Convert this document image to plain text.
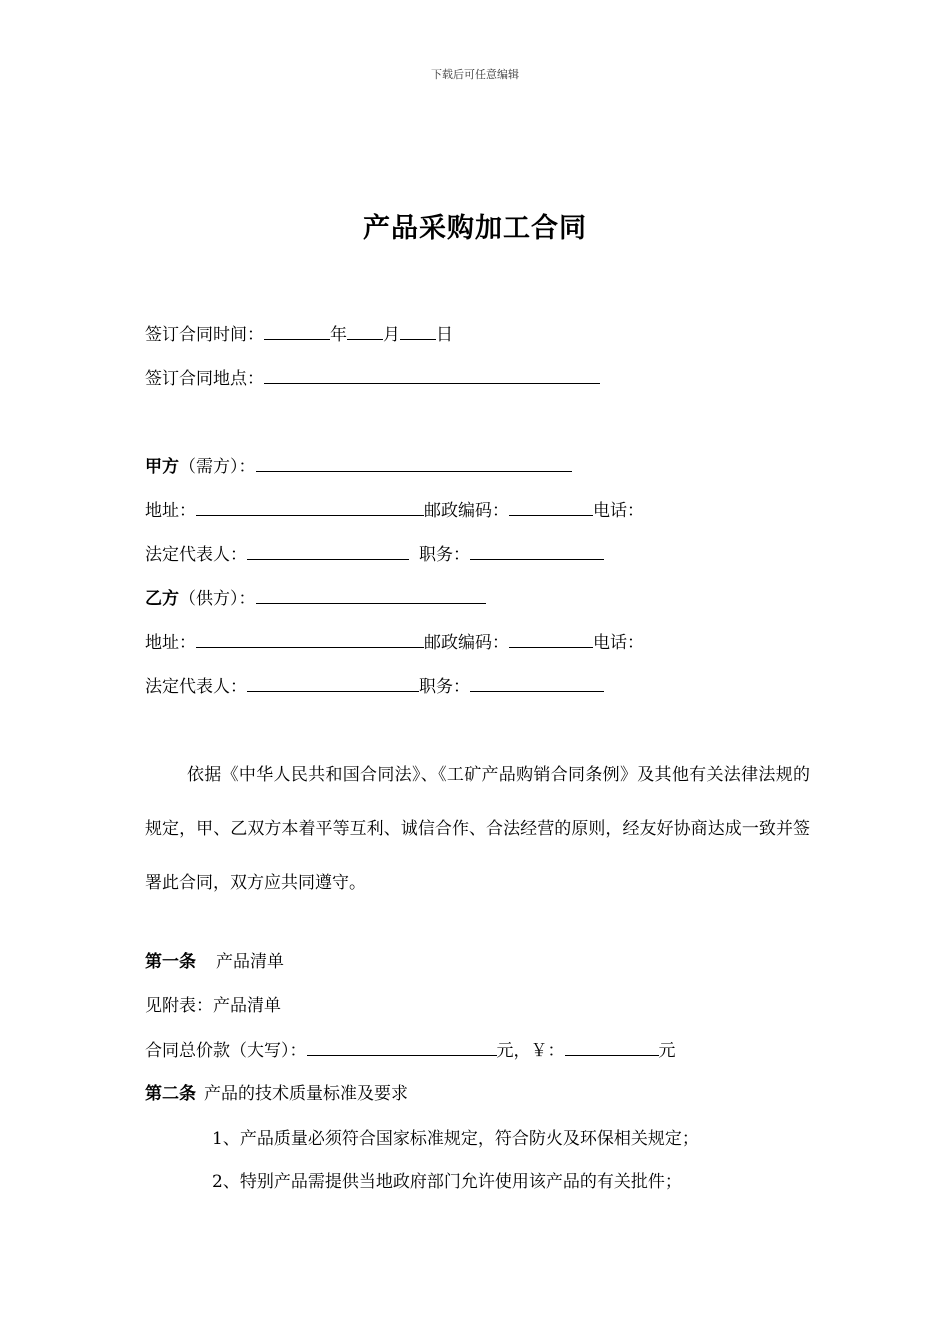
下载后可任意编辑
产品采购加工合同
签订合同时间：	年 月 日
签订合同地点：
甲方（需方）：
地址：	邮政编码：	电话：
法定代表人：	职务：
乙方（供方）：
地址：	邮政编码：	电话：
法定代表人：	职务：
依据《中华人民共和国合同法》、《工矿产品购销合同条例》及其他有关法律法规的规定，甲、乙双方本着平等互利、诚信合作、合法经营的原则，经友好协商达成一致并签署此合同，双方应共同遵守。
第一条 产品清单
见附表：产品清单
合同总价款（大写）：	元，￥：	元
第二条 产品的技术质量标准及要求
1、产品质量必须符合国家标准规定，符合防火及环保相关规定；
2、特别产品需提供当地政府部门允许使用该产品的有关批件；
